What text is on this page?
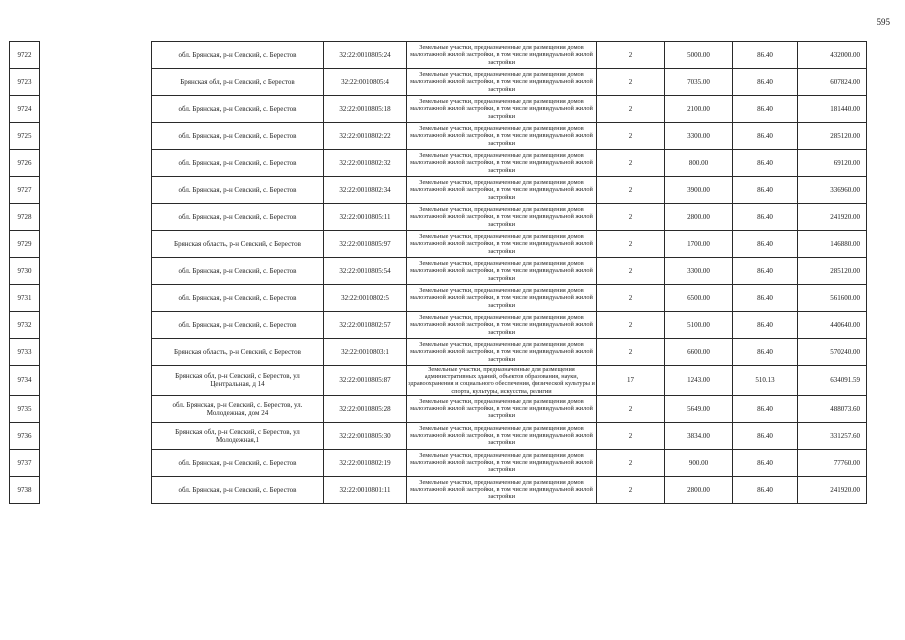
595
9722		обл. Брянская, р-н Севский, с. Берестов	32:22:0010805:24	Земельные участки, предназначенные для размещения домов малоэтажной жилой застройки, в том числе индивидуальной жилой застройки	2	5000.00	86.40	432000.00
9723		Брянская обл, р-н Севский, с Берестов	32:22:0010805:4	Земельные участки, предназначенные для размещения домов малоэтажной жилой застройки, в том числе индивидуальной жилой застройки	2	7035.00	86.40	607824.00
9724		обл. Брянская, р-н Севский, с. Берестов	32:22:0010805:18	Земельные участки, предназначенные для размещения домов малоэтажной жилой застройки, в том числе индивидуальной жилой застройки	2	2100.00	86.40	181440.00
9725		обл. Брянская, р-н Севский, с. Берестов	32:22:0010802:22	Земельные участки, предназначенные для размещения домов малоэтажной жилой застройки, в том числе индивидуальной жилой застройки	2	3300.00	86.40	285120.00
9726		обл. Брянская, р-н Севский, с. Берестов	32:22:0010802:32	Земельные участки, предназначенные для размещения домов малоэтажной жилой застройки, в том числе индивидуальной жилой застройки	2	800.00	86.40	69120.00
9727		обл. Брянская, р-н Севский, с. Берестов	32:22:0010802:34	Земельные участки, предназначенные для размещения домов малоэтажной жилой застройки, в том числе индивидуальной жилой застройки	2	3900.00	86.40	336960.00
9728		обл. Брянская, р-н Севский, с. Берестов	32:22:0010805:11	Земельные участки, предназначенные для размещения домов малоэтажной жилой застройки, в том числе индивидуальной жилой застройки	2	2800.00	86.40	241920.00
9729		Брянская область, р-н Севский, с Берестов	32:22:0010805:97	Земельные участки, предназначенные для размещения домов малоэтажной жилой застройки, в том числе индивидуальной жилой застройки	2	1700.00	86.40	146880.00
9730		обл. Брянская, р-н Севский, с. Берестов	32:22:0010805:54	Земельные участки, предназначенные для размещения домов малоэтажной жилой застройки, в том числе индивидуальной жилой застройки	2	3300.00	86.40	285120.00
9731		обл. Брянская, р-н Севский, с. Берестов	32:22:0010802:5	Земельные участки, предназначенные для размещения домов малоэтажной жилой застройки, в том числе индивидуальной жилой застройки	2	6500.00	86.40	561600.00
9732		обл. Брянская, р-н Севский, с. Берестов	32:22:0010802:57	Земельные участки, предназначенные для размещения домов малоэтажной жилой застройки, в том числе индивидуальной жилой застройки	2	5100.00	86.40	440640.00
9733		Брянская область, р-н Севский, с Берестов	32:22:0010803:1	Земельные участки, предназначенные для размещения домов малоэтажной жилой застройки, в том числе индивидуальной жилой застройки	2	6600.00	86.40	570240.00
9734		Брянская обл, р-н Севский, с Берестов, ул Центральная, д 14	32:22:0010805:87	Земельные участки, предназначенные для размещения административных зданий, объектов образования, науки, здравоохранения и социального обеспечения, физической культуры и спорта, культуры, искусства, религии	17	1243.00	510.13	634091.59
9735		обл. Брянская, р-н Севский, с. Берестов, ул. Молодежная, дом 24	32:22:0010805:28	Земельные участки, предназначенные для размещения домов малоэтажной жилой застройки, в том числе индивидуальной жилой застройки	2	5649.00	86.40	488073.60
9736		Брянская обл, р-н Севский, с Берестов, ул Молодежная,1	32:22:0010805:30	Земельные участки, предназначенные для размещения домов малоэтажной жилой застройки, в том числе индивидуальной жилой застройки	2	3834.00	86.40	331257.60
9737		обл. Брянская, р-н Севский, с. Берестов	32:22:0010802:19	Земельные участки, предназначенные для размещения домов малоэтажной жилой застройки, в том числе индивидуальной жилой застройки	2	900.00	86.40	77760.00
9738		обл. Брянская, р-н Севский, с. Берестов	32:22:0010801:11	Земельные участки, предназначенные для размещения домов малоэтажной жилой застройки, в том числе индивидуальной жилой застройки	2	2800.00	86.40	241920.00
